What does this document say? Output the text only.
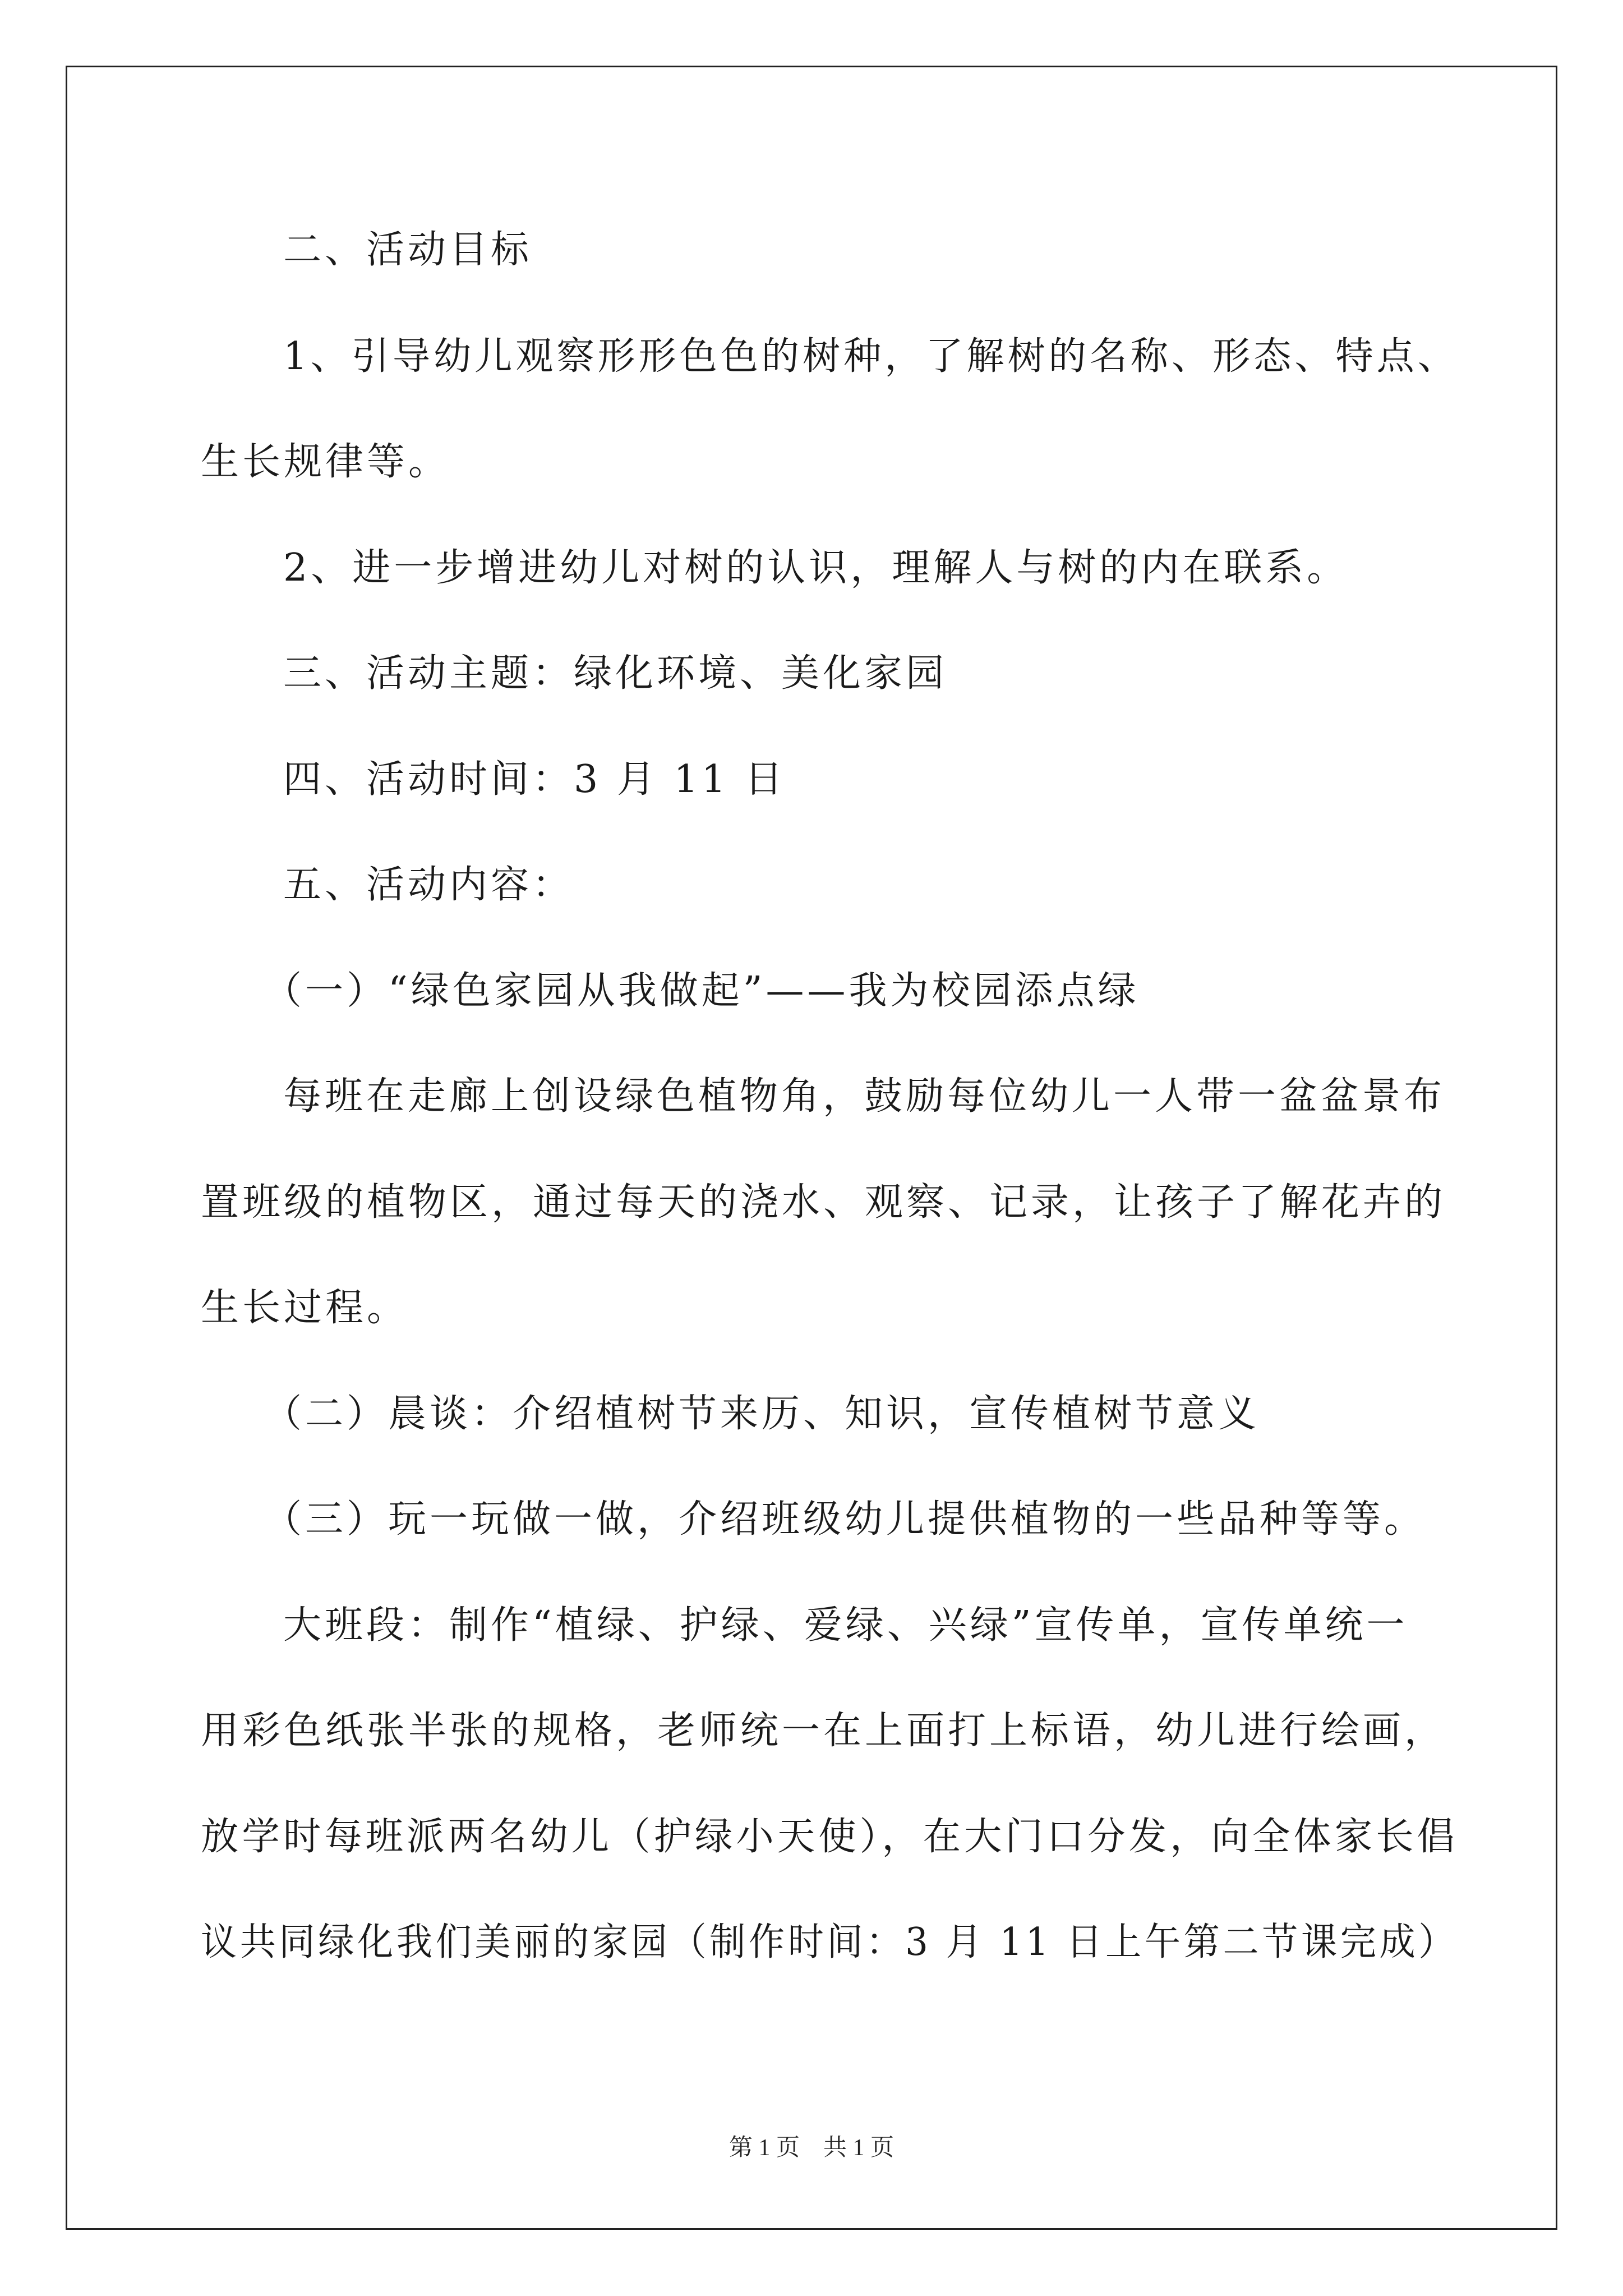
二、活动目标
1、引导幼儿观察形形色色的树种，了解树的名称、形态、特点、
生长规律等。
2、进一步增进幼儿对树的认识，理解人与树的内在联系。
三、活动主题：绿化环境、美化家园
四、活动时间：3 月 11 日
五、活动内容：
（一）“绿色家园从我做起”——我为校园添点绿
每班在走廊上创设绿色植物角，鼓励每位幼儿一人带一盆盆景布
置班级的植物区，通过每天的浇水、观察、记录，让孩子了解花卉的
生长过程。
（二）晨谈：介绍植树节来历、知识，宣传植树节意义
（三）玩一玩做一做，介绍班级幼儿提供植物的一些品种等等。
大班段：制作“植绿、护绿、爱绿、兴绿”宣传单，宣传单统一
用彩色纸张半张的规格，老师统一在上面打上标语，幼儿进行绘画，
放学时每班派两名幼儿（护绿小天使），在大门口分发，向全体家长倡
议共同绿化我们美丽的家园（制作时间：3 月 11 日上午第二节课完成）
第 1 页　共 1 页
